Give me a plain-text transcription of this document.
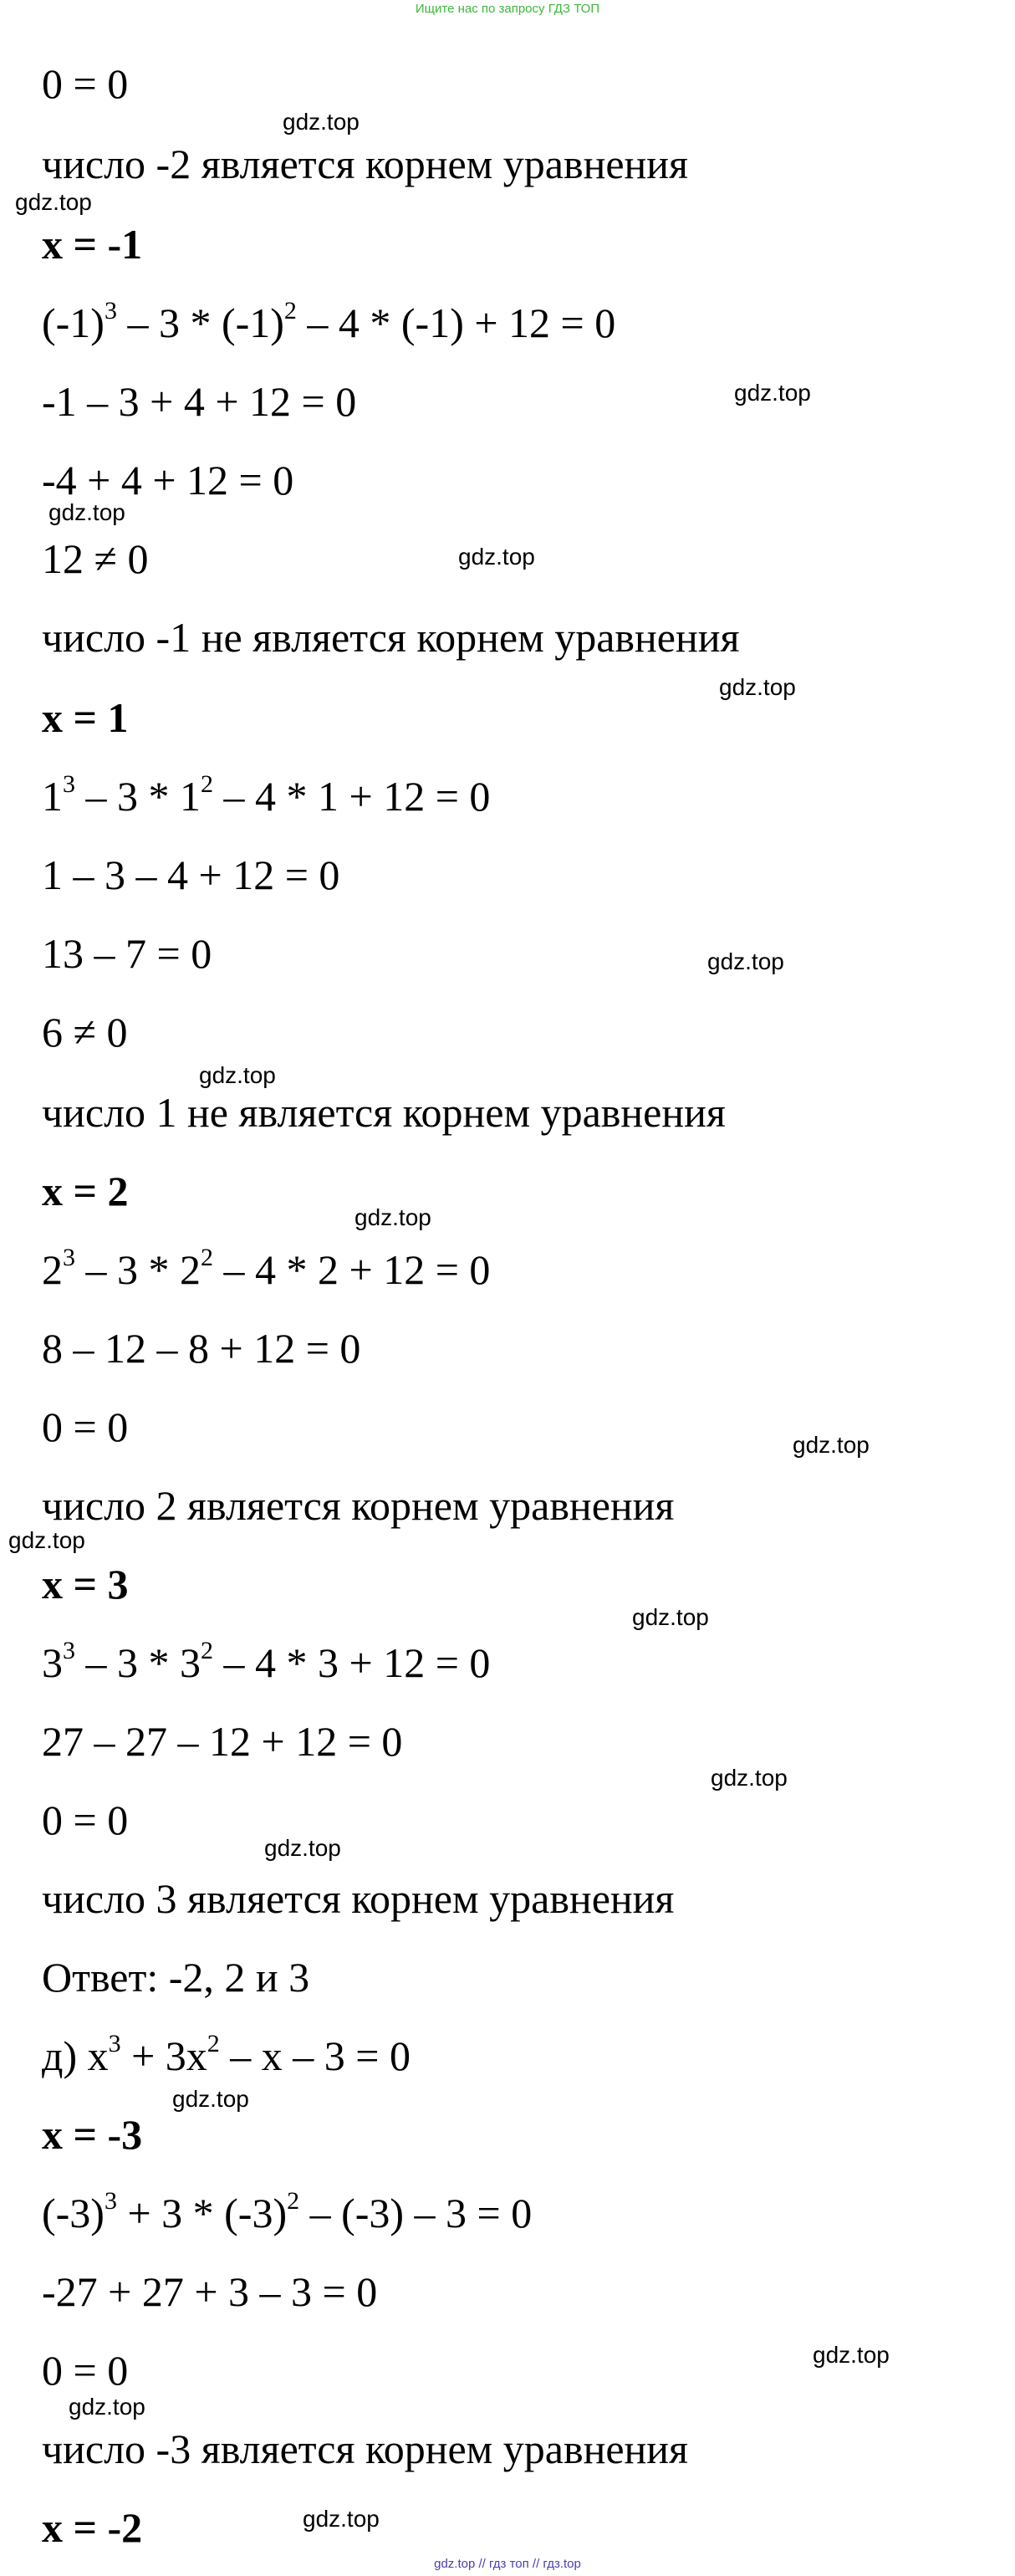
Ищите нас по запросу ГДЗ ТОП
0 = 0
число -2 является корнем уравнения
x = -1
$(-1)^3 - 3 * (-1)^2 - 4 * (-1) + 12 = 0$
-1 – 3 + 4 + 12 = 0
-4 + 4 + 12 = 0
12 ≠ 0
число -1 не является корнем уравнения
x = 1
$1^3 - 3 * 1^2 - 4 * 1 + 12 = 0$
1 – 3 – 4 + 12 = 0
13 – 7 = 0
6 ≠ 0
число 1 не является корнем уравнения
x = 2
$2^3 - 3 * 2^2 - 4 * 2 + 12 = 0$
8 – 12 – 8 + 12 = 0
0 = 0
число 2 является корнем уравнения
x = 3
$3^3 - 3 * 3^2 - 4 * 3 + 12 = 0$
27 – 27 – 12 + 12 = 0
0 = 0
число 3 является корнем уравнения
Ответ: -2, 2 и 3
д) $x^3 + 3x^2 - x - 3 = 0$
x = -3
$(-3)^3 + 3 * (-3)^2 - (-3) - 3 = 0$
-27 + 27 + 3 – 3 = 0
0 = 0
число -3 является корнем уравнения
x = -2
gdz.top
gdz.top
gdz.top
gdz.top
gdz.top
gdz.top
gdz.top
gdz.top
gdz.top
gdz.top
gdz.top
gdz.top
gdz.top
gdz.top
gdz.top
gdz.top
gdz.top
gdz.top
gdz.top // гдз топ // гдз.top
